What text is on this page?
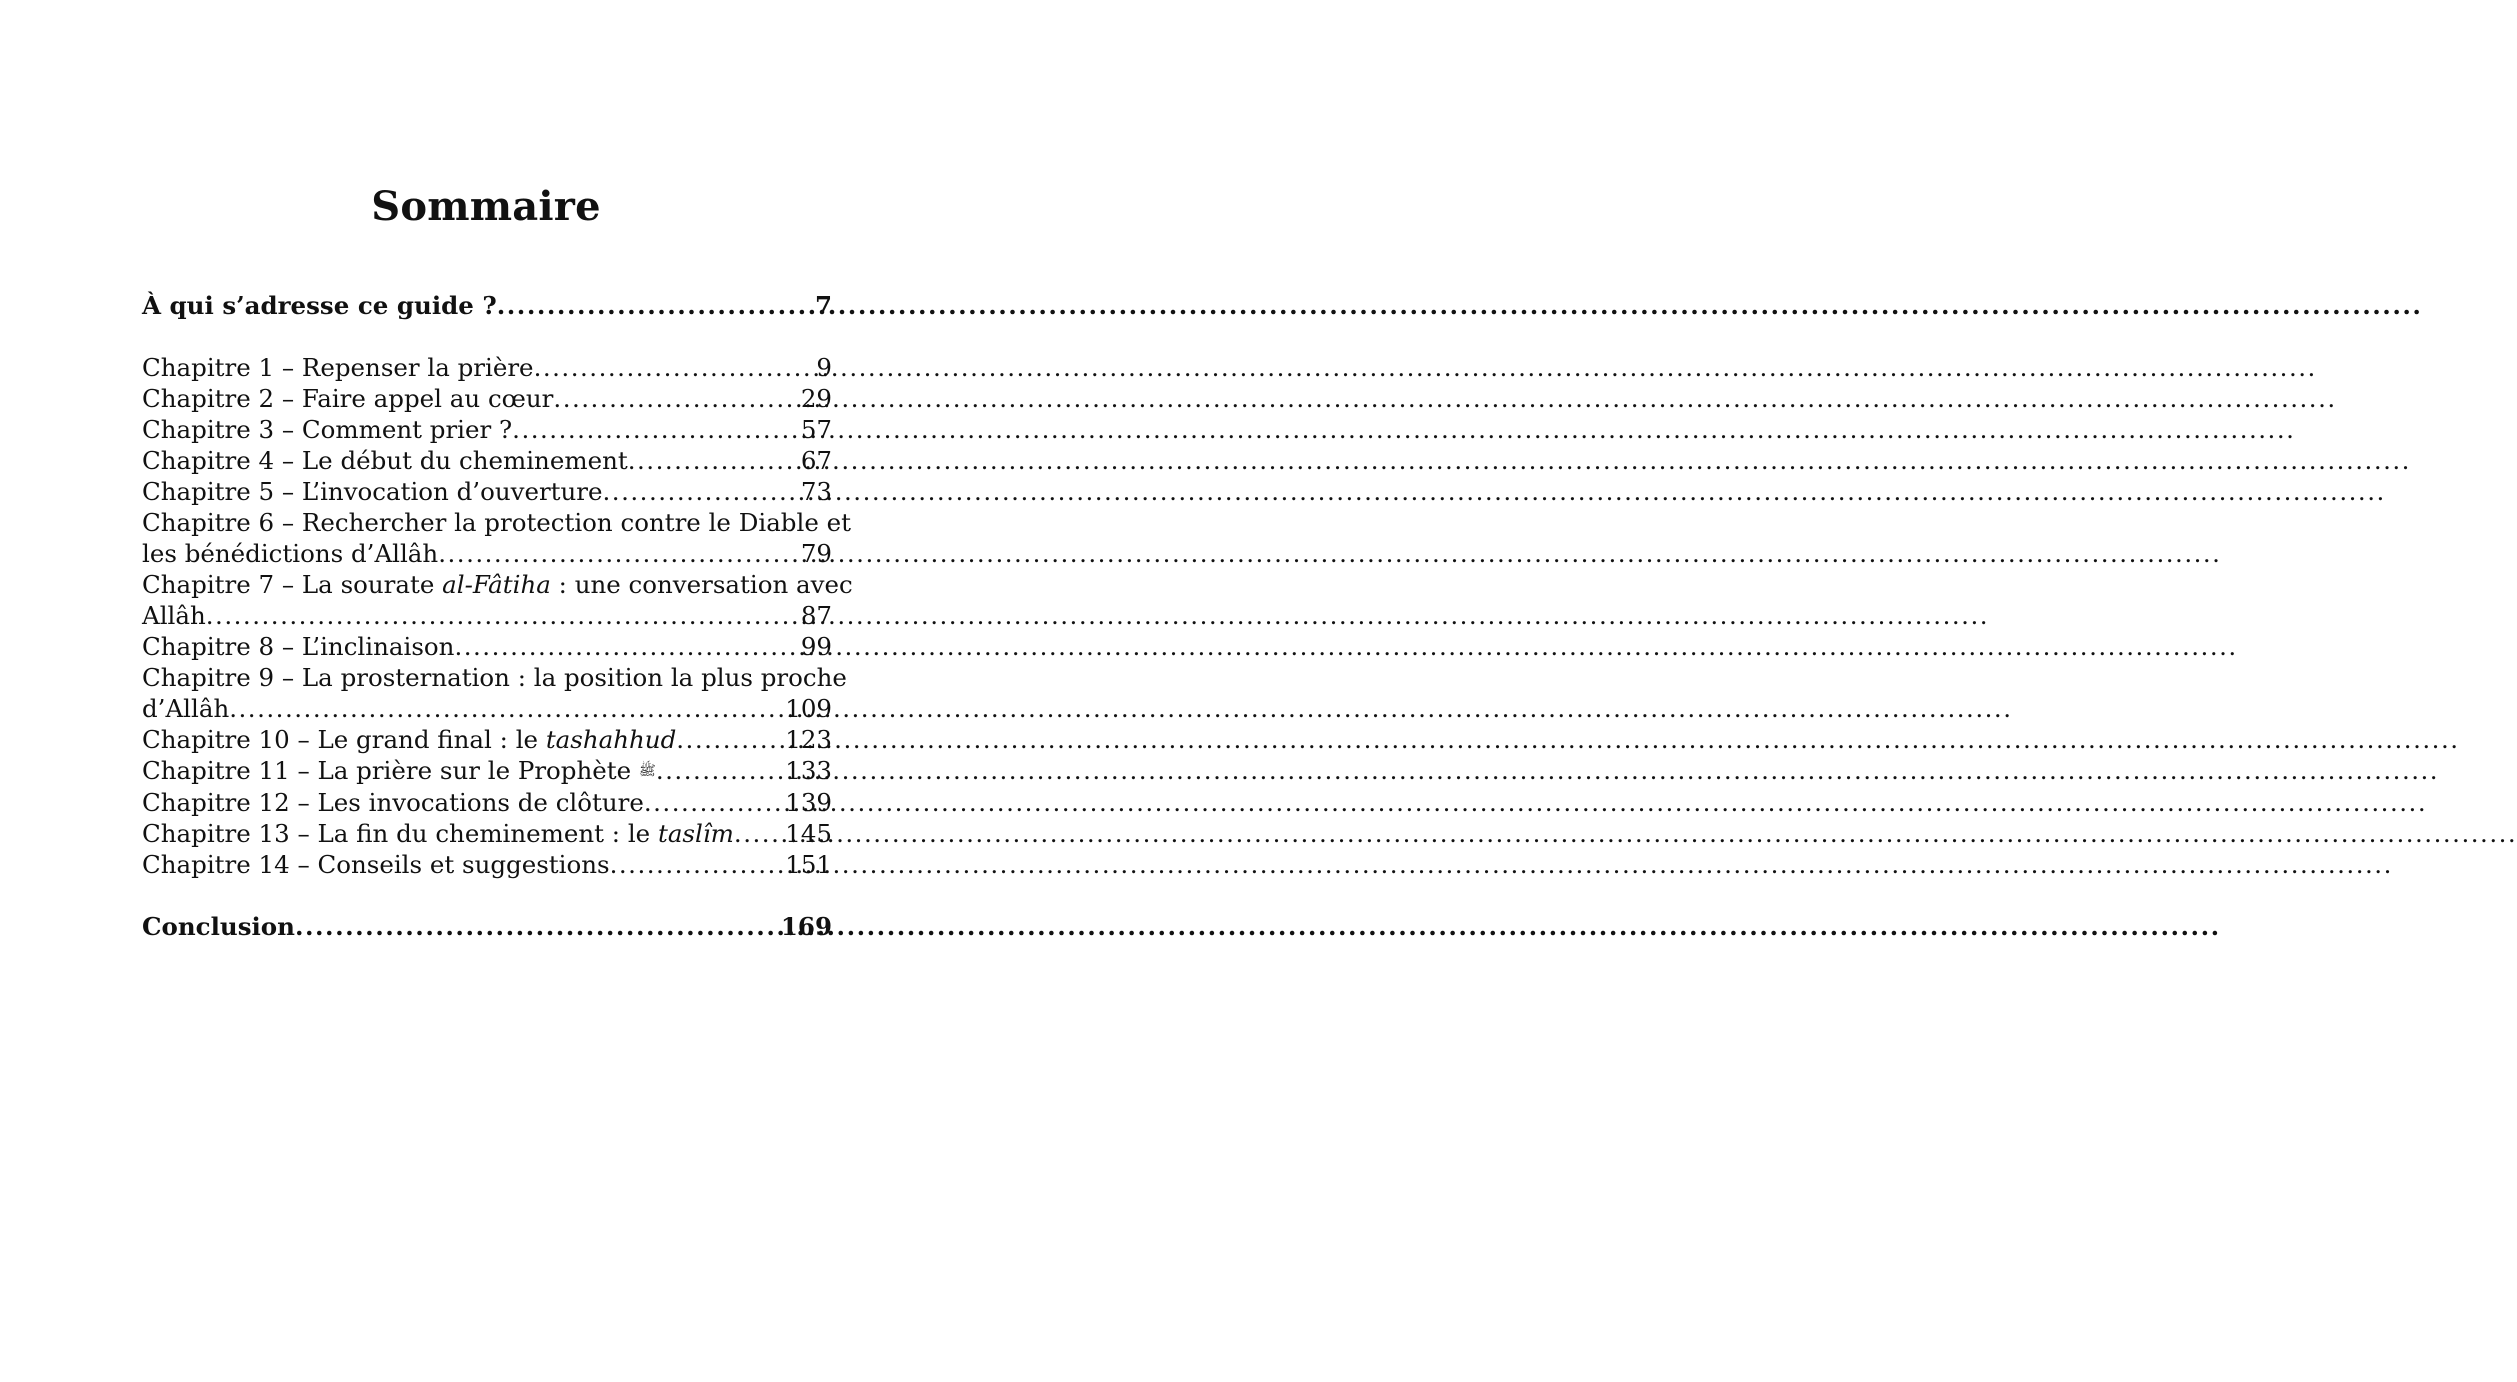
Sommaire
À qui s’adresse ce guide ? .....	7
Chapitre 1 – Repenser la prière .....	9
Chapitre 2 – Faire appel au cœur .....	29
Chapitre 3 – Comment prier ? .....	57
Chapitre 4 – Le début du cheminement .....	67
Chapitre 5 – L’invocation d’ouverture .....	73
Chapitre 6 – Rechercher la protection contre le Diable et
les bénédictions d’Allâh .....	79
Chapitre 7 – La sourate al-Fâtiha : une conversation avec
Allâh .....	87
Chapitre 8 – L’inclinaison .....	99
Chapitre 9 – La prosternation : la position la plus proche
d’Allâh .....	109
Chapitre 10 – Le grand final : le tashahhud .....	123
Chapitre 11 – La prière sur le Prophète ﷺ .....	133
Chapitre 12 – Les invocations de clôture .....	139
Chapitre 13 – La fin du cheminement : le taslîm ..... 145
Chapitre 14 – Conseils et suggestions .....	151
Conclusion .....	169
